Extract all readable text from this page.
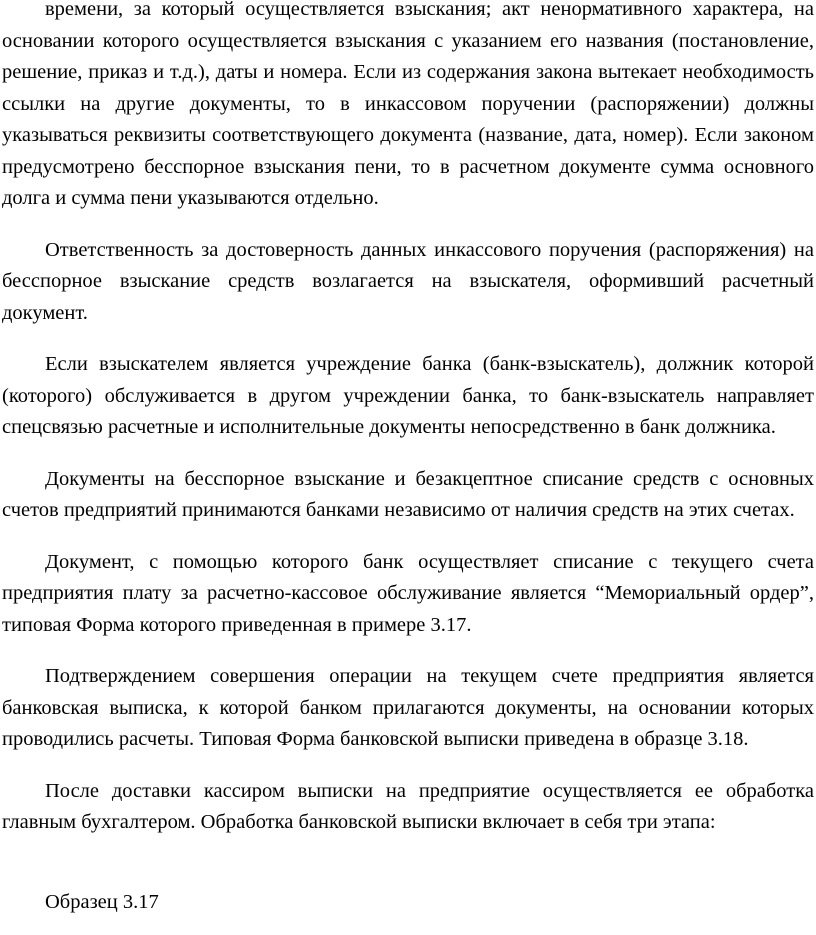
времени, за который осуществляется взыскания; акт ненормативного характера, на основании которого осуществляется взыскания с указанием его названия (постановление, решение, приказ и т.д.), даты и номера. Если из содержания закона вытекает необходимость ссылки на другие документы, то в инкассовом поручении (распоряжении) должны указываться реквизиты соответствующего документа (название, дата, номер). Если законом предусмотрено бесспорное взыскания пени, то в расчетном документе сумма основного долга и сумма пени указываются отдельно.

Ответственность за достоверность данных инкассового поручения (распоряжения) на бесспорное взыскание средств возлагается на взыскателя, оформивший расчетный документ.

Если взыскателем является учреждение банка (банк-взыскатель), должник которой (которого) обслуживается в другом учреждении банка, то банк-взыскатель направляет спецсвязью расчетные и исполнительные документы непосредственно в банк должника.

Документы на бесспорное взыскание и безакцептное списание средств с основных счетов предприятий принимаются банками независимо от наличия средств на этих счетах.

Документ, с помощью которого банк осуществляет списание с текущего счета предприятия плату за расчетно-кассовое обслуживание является “Мемориальный ордер”, типовая Форма которого приведенная в примере 3.17.

Подтверждением совершения операции на текущем счете предприятия является банковская выписка, к которой банком прилагаются документы, на основании которых проводились расчеты. Типовая Форма банковской выписки приведена в образце 3.18.

После доставки кассиром выписки на предприятие осуществляется ее обработка главным бухгалтером. Обработка банковской выписки включает в себя три этапа:

Образец 3.17
